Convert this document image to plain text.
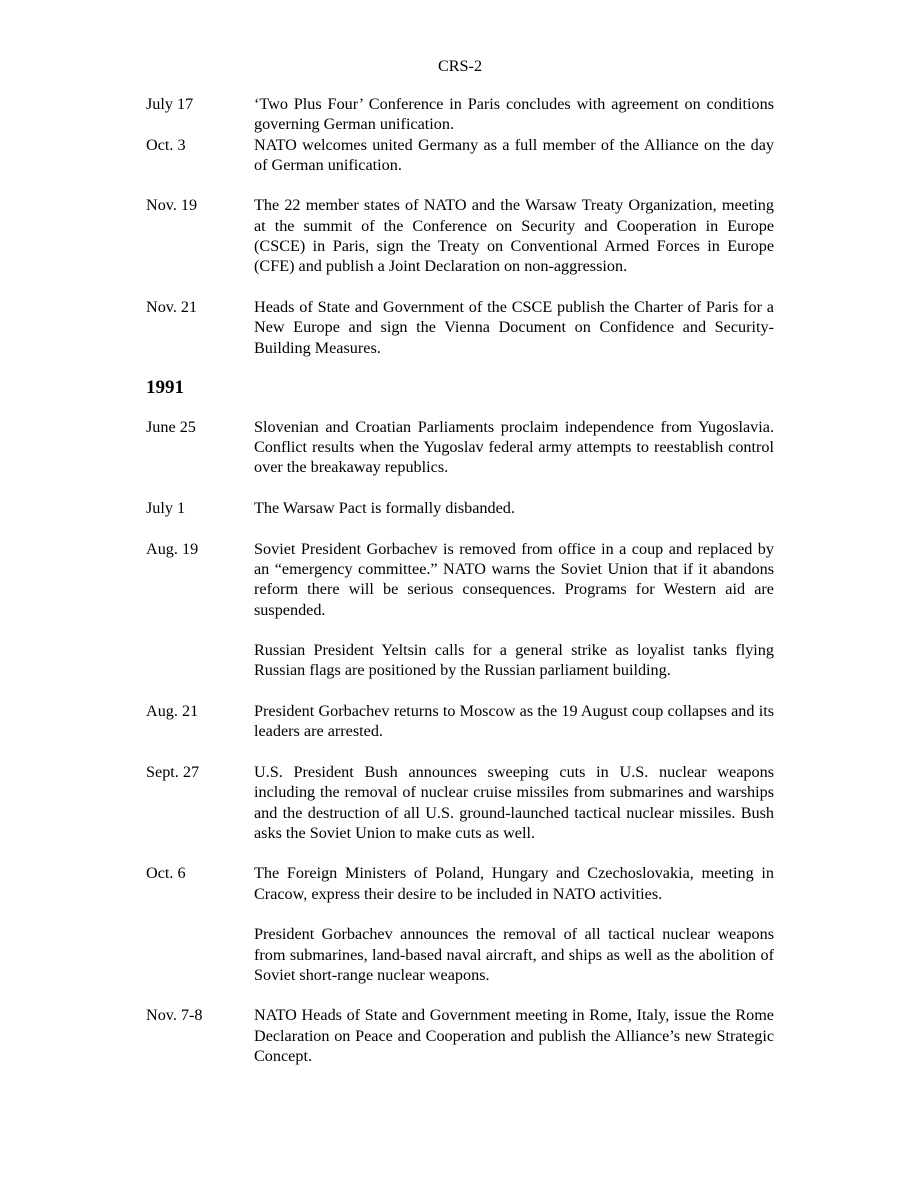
CRS-2
July 17	‘Two Plus Four’ Conference in Paris concludes with agreement on conditions governing German unification.
Oct. 3	NATO welcomes united Germany as a full member of the Alliance on the day of German unification.
Nov. 19	The 22 member states of NATO and the Warsaw Treaty Organization, meeting at the summit of the Conference on Security and Cooperation in Europe (CSCE) in Paris, sign the Treaty on Conventional Armed Forces in Europe (CFE) and publish a Joint Declaration on non-aggression.
Nov. 21	Heads of State and Government of the CSCE publish the Charter of Paris for a New Europe and sign the Vienna Document on Confidence and Security-Building Measures.
1991
June 25	Slovenian and Croatian Parliaments proclaim independence from Yugoslavia. Conflict results when the Yugoslav federal army attempts to reestablish control over the breakaway republics.
July 1	The Warsaw Pact is formally disbanded.
Aug. 19	Soviet President Gorbachev is removed from office in a coup and replaced by an “emergency committee.” NATO warns the Soviet Union that if it abandons reform there will be serious consequences. Programs for Western aid are suspended.
Russian President Yeltsin calls for a general strike as loyalist tanks flying Russian flags are positioned by the Russian parliament building.
Aug. 21	President Gorbachev returns to Moscow as the 19 August coup collapses and its leaders are arrested.
Sept. 27	U.S. President Bush announces sweeping cuts in U.S. nuclear weapons including the removal of nuclear cruise missiles from submarines and warships and the destruction of all U.S. ground-launched tactical nuclear missiles. Bush asks the Soviet Union to make cuts as well.
Oct. 6	The Foreign Ministers of Poland, Hungary and Czechoslovakia, meeting in Cracow, express their desire to be included in NATO activities.
President Gorbachev announces the removal of all tactical nuclear weapons from submarines, land-based naval aircraft, and ships as well as the abolition of Soviet short-range nuclear weapons.
Nov. 7-8	NATO Heads of State and Government meeting in Rome, Italy, issue the Rome Declaration on Peace and Cooperation and publish the Alliance’s new Strategic Concept.
